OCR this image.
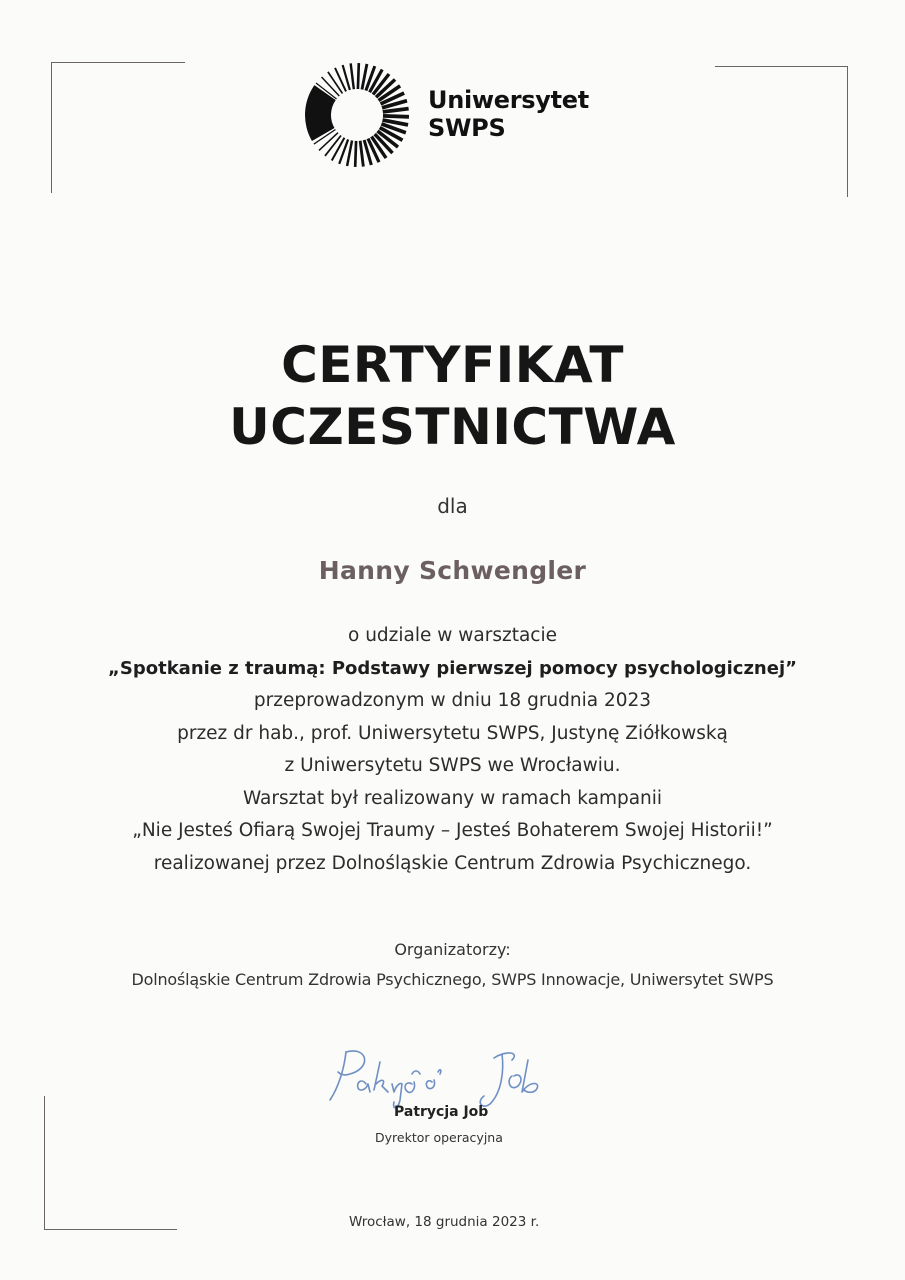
Uniwersytet
SWPS
CERTYFIKAT
UCZESTNICTWA
dla
Hanny Schwengler
o udziale w warsztacie
„Spotkanie z traumą: Podstawy pierwszej pomocy psychologicznej”
przeprowadzonym w dniu 18 grudnia 2023
przez dr hab., prof. Uniwersytetu SWPS, Justynę Ziółkowską
z Uniwersytetu SWPS we Wrocławiu.
Warsztat był realizowany w ramach kampanii
„Nie Jesteś Ofiarą Swojej Traumy – Jesteś Bohaterem Swojej Historii!”
realizowanej przez Dolnośląskie Centrum Zdrowia Psychicznego.
Organizatorzy:
Dolnośląskie Centrum Zdrowia Psychicznego, SWPS Innowacje, Uniwersytet SWPS
Patrycja Job
Dyrektor operacyjna
Wrocław, 18 grudnia 2023 r.
